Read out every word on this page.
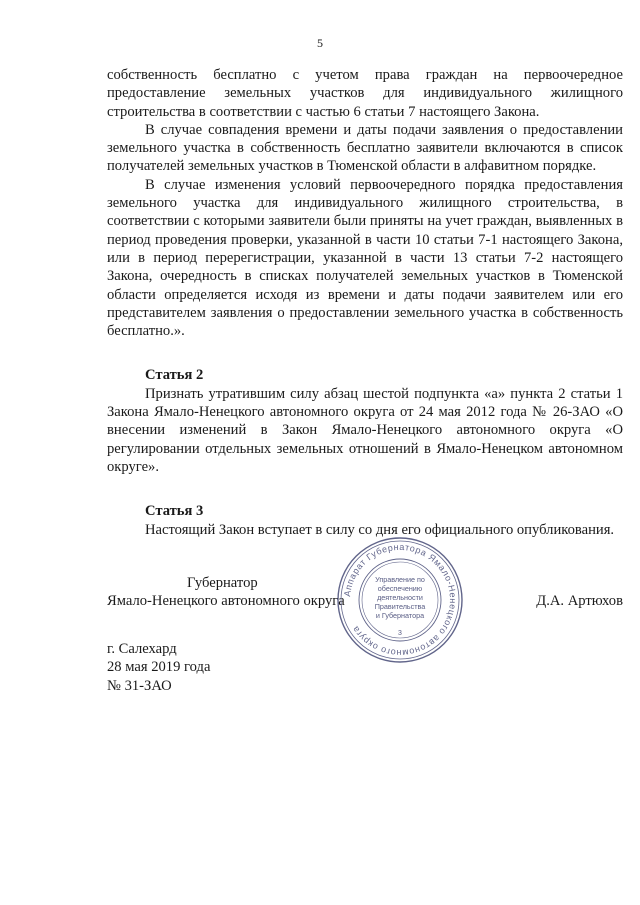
5

собственность бесплатно с учетом права граждан на первоочередное предоставление земельных участков для индивидуального жилищного строительства в соответствии с частью 6 статьи 7 настоящего Закона.

В случае совпадения времени и даты подачи заявления о предоставлении земельного участка в собственность бесплатно заявители включаются в список получателей земельных участков в Тюменской области в алфавитном порядке.

В случае изменения условий первоочередного порядка предоставления земельного участка для индивидуального жилищного строительства, в соответствии с которыми заявители были приняты на учет граждан, выявленных в период проведения проверки, указанной в части 10 статьи 7-1 настоящего Закона, или в период перерегистрации, указанной в части 13 статьи 7-2 настоящего Закона, очередность в списках получателей земельных участков в Тюменской области определяется исходя из времени и даты подачи заявителем или его представителем заявления о предоставлении земельного участка в собственность бесплатно.».

Статья 2

Признать утратившим силу абзац шестой подпункта «а» пункта 2 статьи 1 Закона Ямало-Ненецкого автономного округа от 24 мая 2012 года № 26-ЗАО «О внесении изменений в Закон Ямало-Ненецкого автономного округа «О регулировании отдельных земельных отношений в Ямало-Ненецком автономном округе».

Статья 3

Настоящий Закон вступает в силу со дня его официального опубликования.

Губернатор
Ямало-Ненецкого автономного округа	Д.А. Артюхов
Аппарат Губернатора Ямало-Ненецкого автономного округа
Управление по
обеспечению
деятельности
Правительства
и Губернатора
3
г. Салехард
28 мая 2019 года
№ 31-ЗАО
